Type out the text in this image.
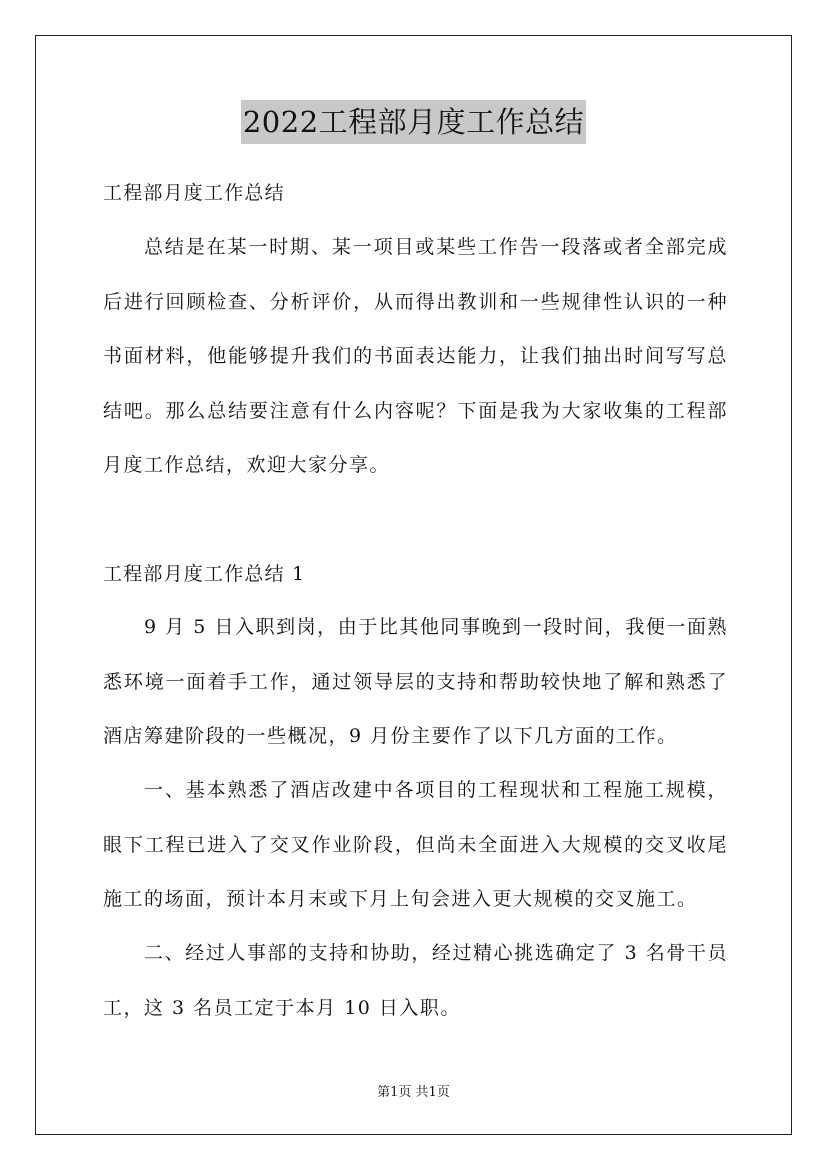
2022工程部月度工作总结

工程部月度工作总结

总结是在某一时期、某一项目或某些工作告一段落或者全部完成后进行回顾检查、分析评价，从而得出教训和一些规律性认识的一种书面材料，他能够提升我们的书面表达能力，让我们抽出时间写写总结吧。那么总结要注意有什么内容呢？下面是我为大家收集的工程部月度工作总结，欢迎大家分享。

工程部月度工作总结 1

9 月 5 日入职到岗，由于比其他同事晚到一段时间，我便一面熟悉环境一面着手工作，通过领导层的支持和帮助较快地了解和熟悉了酒店筹建阶段的一些概况，9 月份主要作了以下几方面的工作。

一、基本熟悉了酒店改建中各项目的工程现状和工程施工规模，眼下工程已进入了交叉作业阶段，但尚未全面进入大规模的交叉收尾施工的场面，预计本月末或下月上旬会进入更大规模的交叉施工。

二、经过人事部的支持和协助，经过精心挑选确定了 3 名骨干员工，这 3 名员工定于本月 10 日入职。

第1页 共1页
